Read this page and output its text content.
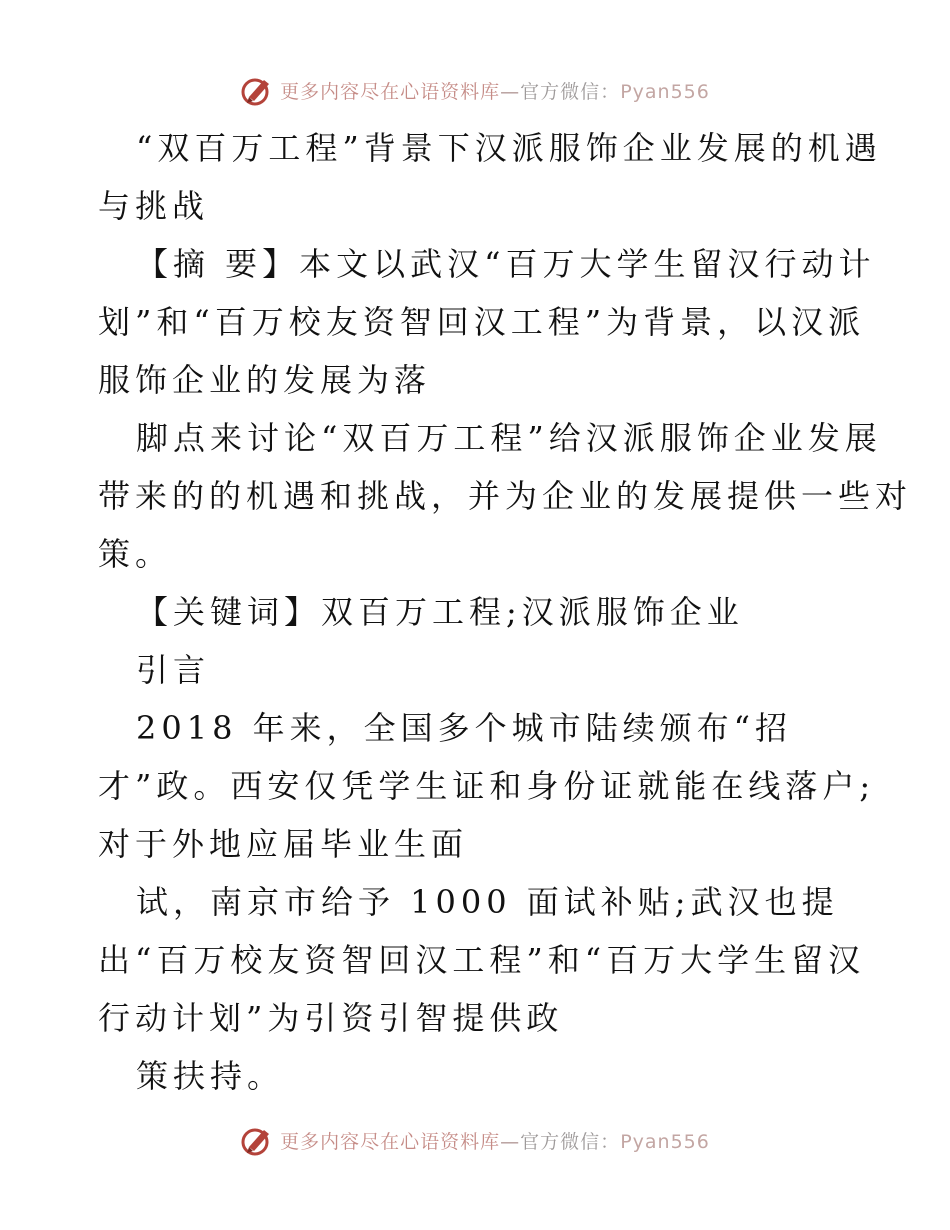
更多内容尽在心语资料库—官方微信：Pyan556
“双百万工程”背景下汉派服饰企业发展的机遇
与挑战
【摘 要】本文以武汉“百万大学生留汉行动计
划”和“百万校友资智回汉工程”为背景，以汉派
服饰企业的发展为落
脚点来讨论“双百万工程”给汉派服饰企业发展
带来的的机遇和挑战，并为企业的发展提供一些对
策。
【关键词】双百万工程;汉派服饰企业
引言
2018 年来，全国多个城市陆续颁布“招
才”政。西安仅凭学生证和身份证就能在线落户;
对于外地应届毕业生面
试，南京市给予 1000 面试补贴;武汉也提
出“百万校友资智回汉工程”和“百万大学生留汉
行动计划”为引资引智提供政
策扶持。
更多内容尽在心语资料库—官方微信：Pyan556
